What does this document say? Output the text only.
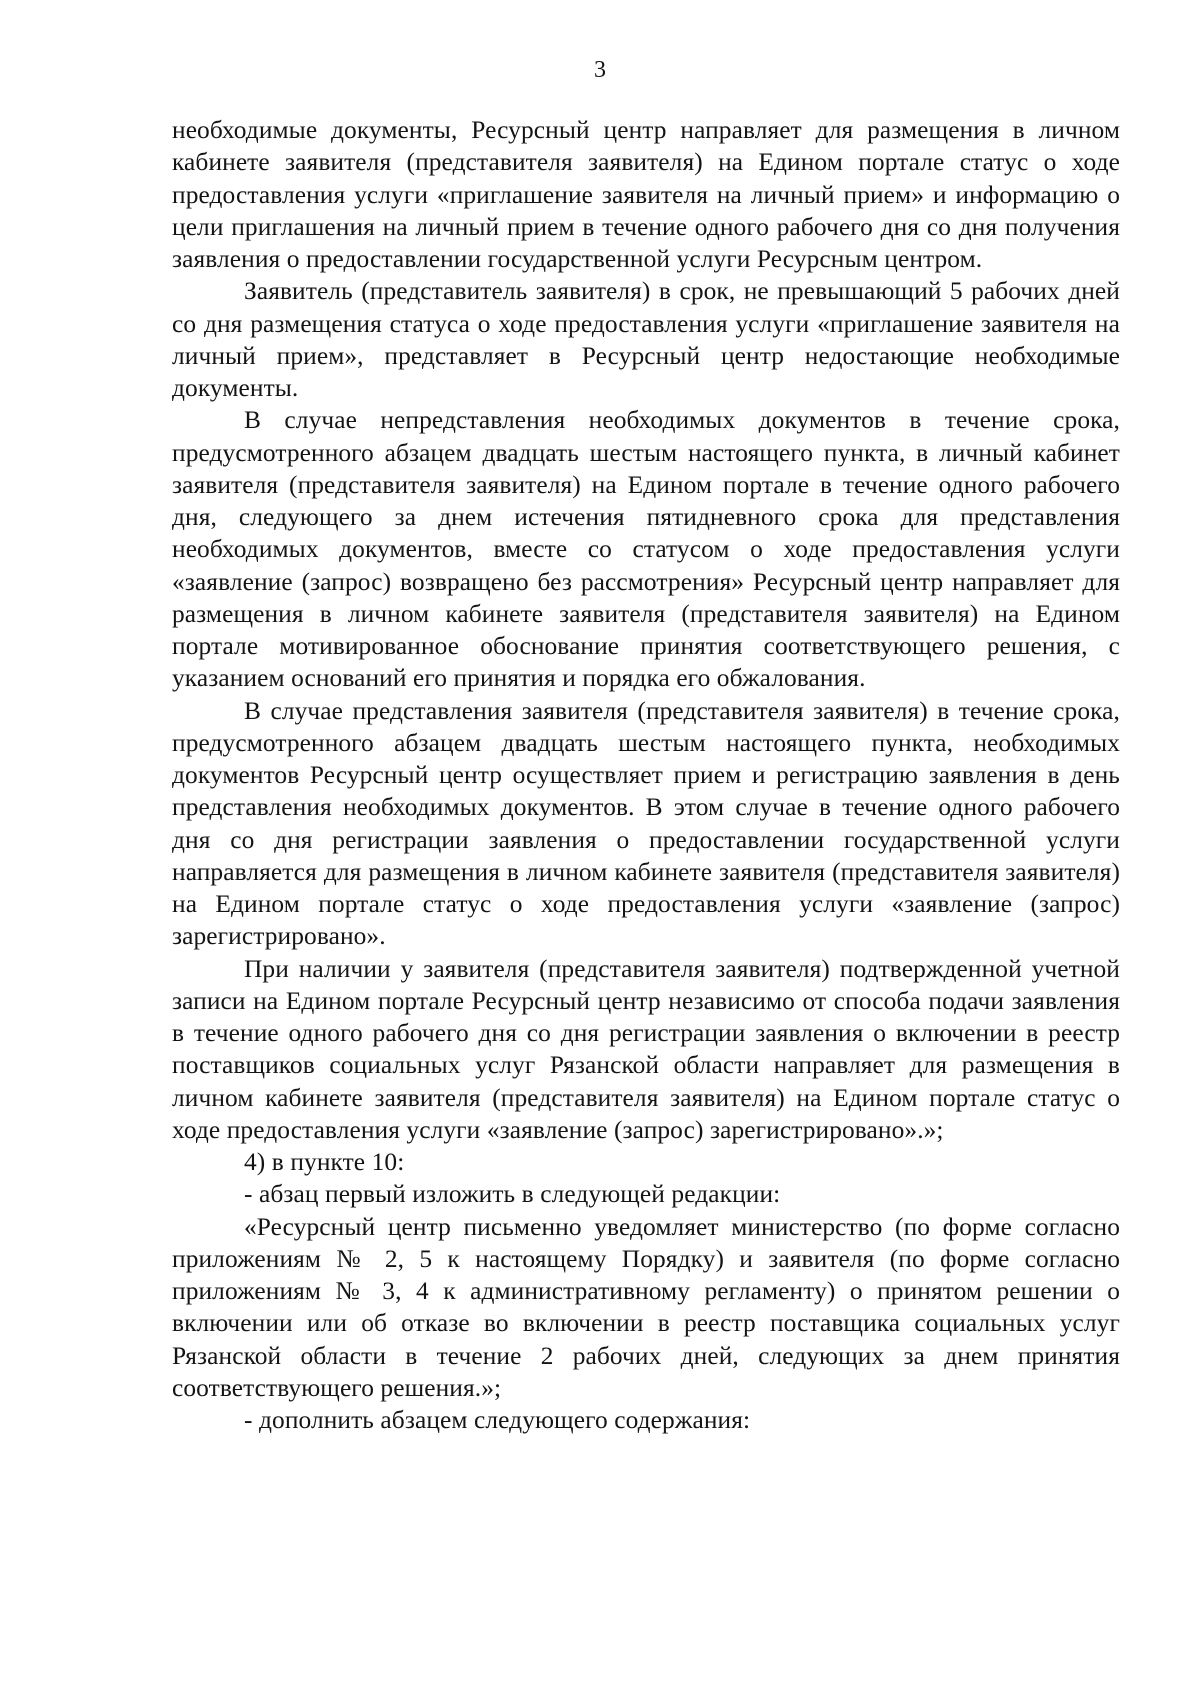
3

необходимые документы, Ресурсный центр направляет для размещения в личном кабинете заявителя (представителя заявителя) на Едином портале статус о ходе предоставления услуги «приглашение заявителя на личный прием» и информацию о цели приглашения на личный прием в течение одного рабочего дня со дня получения заявления о предоставлении государственной услуги Ресурсным центром.

Заявитель (представитель заявителя) в срок, не превышающий 5 рабочих дней со дня размещения статуса о ходе предоставления услуги «приглашение заявителя на личный прием», представляет в Ресурсный центр недостающие необходимые документы.

В случае непредставления необходимых документов в течение срока, предусмотренного абзацем двадцать шестым настоящего пункта, в личный кабинет заявителя (представителя заявителя) на Едином портале в течение одного рабочего дня, следующего за днем истечения пятидневного срока для представления необходимых документов, вместе со статусом о ходе предоставления услуги «заявление (запрос) возвращено без рассмотрения» Ресурсный центр направляет для размещения в личном кабинете заявителя (представителя заявителя) на Едином портале мотивированное обоснование принятия соответствующего решения, с указанием оснований его принятия и порядка его обжалования.

В случае представления заявителя (представителя заявителя) в течение срока, предусмотренного абзацем двадцать шестым настоящего пункта, необходимых документов Ресурсный центр осуществляет прием и регистрацию заявления в день представления необходимых документов. В этом случае в течение одного рабочего дня со дня регистрации заявления о предоставлении государственной услуги направляется для размещения в личном кабинете заявителя (представителя заявителя) на Едином портале статус о ходе предоставления услуги «заявление (запрос) зарегистрировано».

При наличии у заявителя (представителя заявителя) подтвержденной учетной записи на Едином портале Ресурсный центр независимо от способа подачи заявления в течение одного рабочего дня со дня регистрации заявления о включении в реестр поставщиков социальных услуг Рязанской области направляет для размещения в личном кабинете заявителя (представителя заявителя) на Едином портале статус о ходе предоставления услуги «заявление (запрос) зарегистрировано».»;

4) в пункте 10:

- абзац первый изложить в следующей редакции:

«Ресурсный центр письменно уведомляет министерство (по форме согласно приложениям № 2, 5 к настоящему Порядку) и заявителя (по форме согласно приложениям № 3, 4 к административному регламенту) о принятом решении о включении или об отказе во включении в реестр поставщика социальных услуг Рязанской области в течение 2 рабочих дней, следующих за днем принятия соответствующего решения.»;

- дополнить абзацем следующего содержания:
